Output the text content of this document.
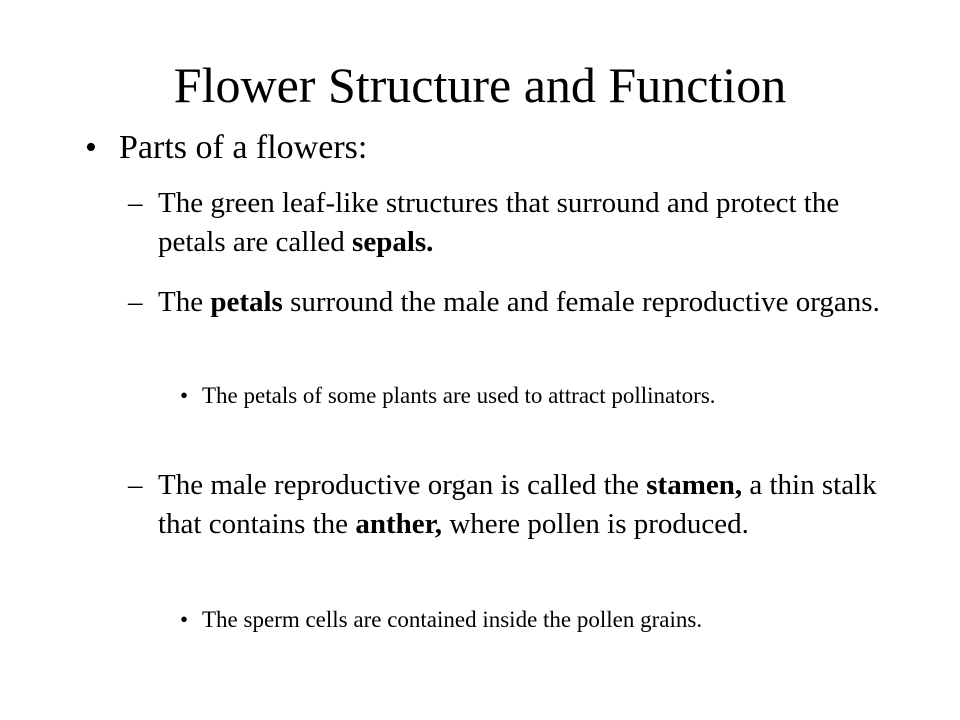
Flower Structure and Function
• Parts of a flowers:
– The green leaf-like structures that surround and protect the petals are called sepals.
– The petals surround the male and female reproductive organs.
• The petals of some plants are used to attract pollinators.
– The male reproductive organ is called the stamen, a thin stalk that contains the anther, where pollen is produced.
• The sperm cells are contained inside the pollen grains.
